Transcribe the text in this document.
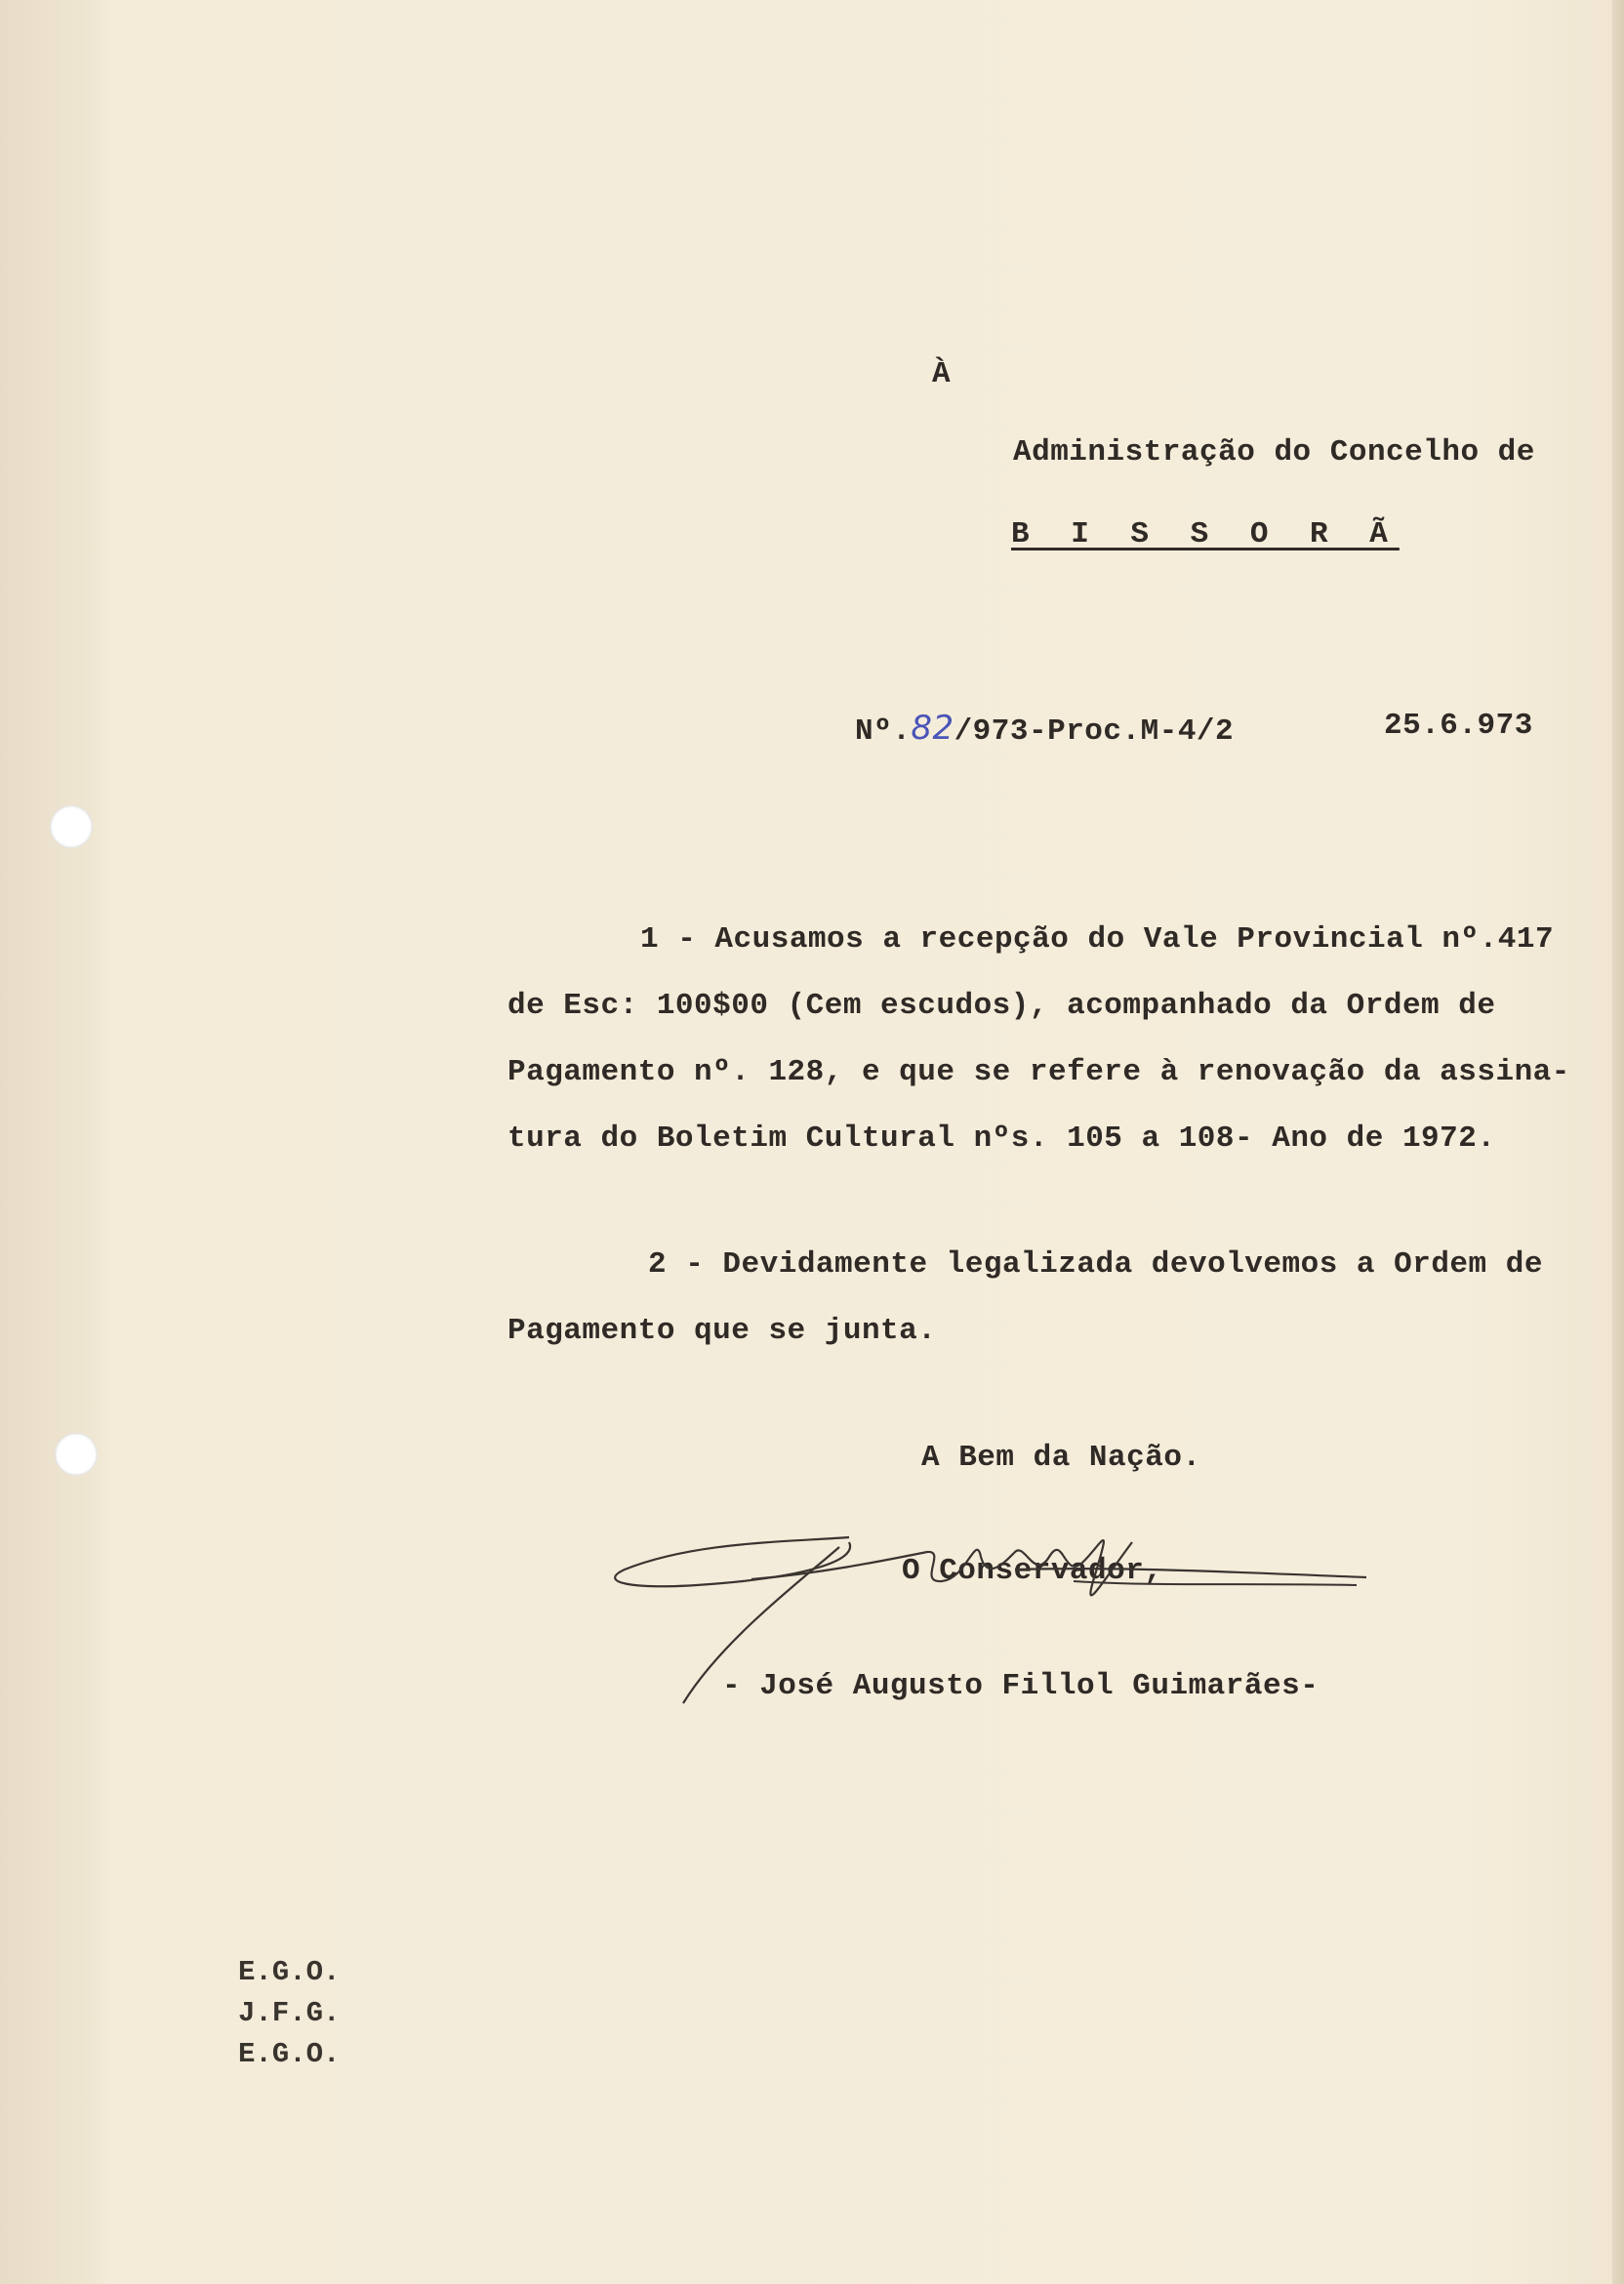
À
Administração do Concelho de
B I S S O R Ã
Nº.82/973-Proc.M-4/2	25.6.973
1 - Acusamos a recepção do Vale Provincial nº.417
de Esc: 100$00 (Cem escudos), acompanhado da Ordem de
Pagamento nº. 128, e que se refere à renovação da assina-
tura do Boletim Cultural nºs. 105 a 108- Ano de 1972.
2 - Devidamente legalizada devolvemos a Ordem de
Pagamento que se junta.
A Bem da Nação.
O Conservador,
- José Augusto Fillol Guimarães-
E.G.O.
J.F.G.
E.G.O.
